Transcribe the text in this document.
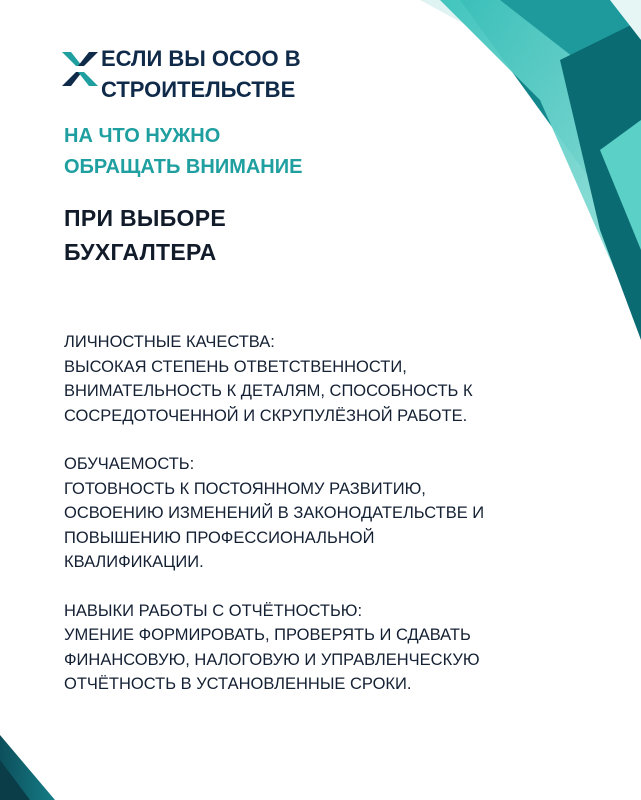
ЕСЛИ ВЫ ОСОО В
СТРОИТЕЛЬСТВЕ
НА ЧТО НУЖНО
ОБРАЩАТЬ ВНИМАНИЕ
ПРИ ВЫБОРЕ
БУХГАЛТЕРА
ЛИЧНОСТНЫЕ КАЧЕСТВА:
ВЫСОКАЯ СТЕПЕНЬ ОТВЕТСТВЕННОСТИ,
ВНИМАТЕЛЬНОСТЬ К ДЕТАЛЯМ, СПОСОБНОСТЬ К
СОСРЕДОТОЧЕННОЙ И СКРУПУЛЁЗНОЙ РАБОТЕ.
ОБУЧАЕМОСТЬ:
ГОТОВНОСТЬ К ПОСТОЯННОМУ РАЗВИТИЮ,
ОСВОЕНИЮ ИЗМЕНЕНИЙ В ЗАКОНОДАТЕЛЬСТВЕ И
ПОВЫШЕНИЮ ПРОФЕССИОНАЛЬНОЙ
КВАЛИФИКАЦИИ.
НАВЫКИ РАБОТЫ С ОТЧЁТНОСТЬЮ:
УМЕНИЕ ФОРМИРОВАТЬ, ПРОВЕРЯТЬ И СДАВАТЬ
ФИНАНСОВУЮ, НАЛОГОВУЮ И УПРАВЛЕНЧЕСКУЮ
ОТЧЁТНОСТЬ В УСТАНОВЛЕННЫЕ СРОКИ.
